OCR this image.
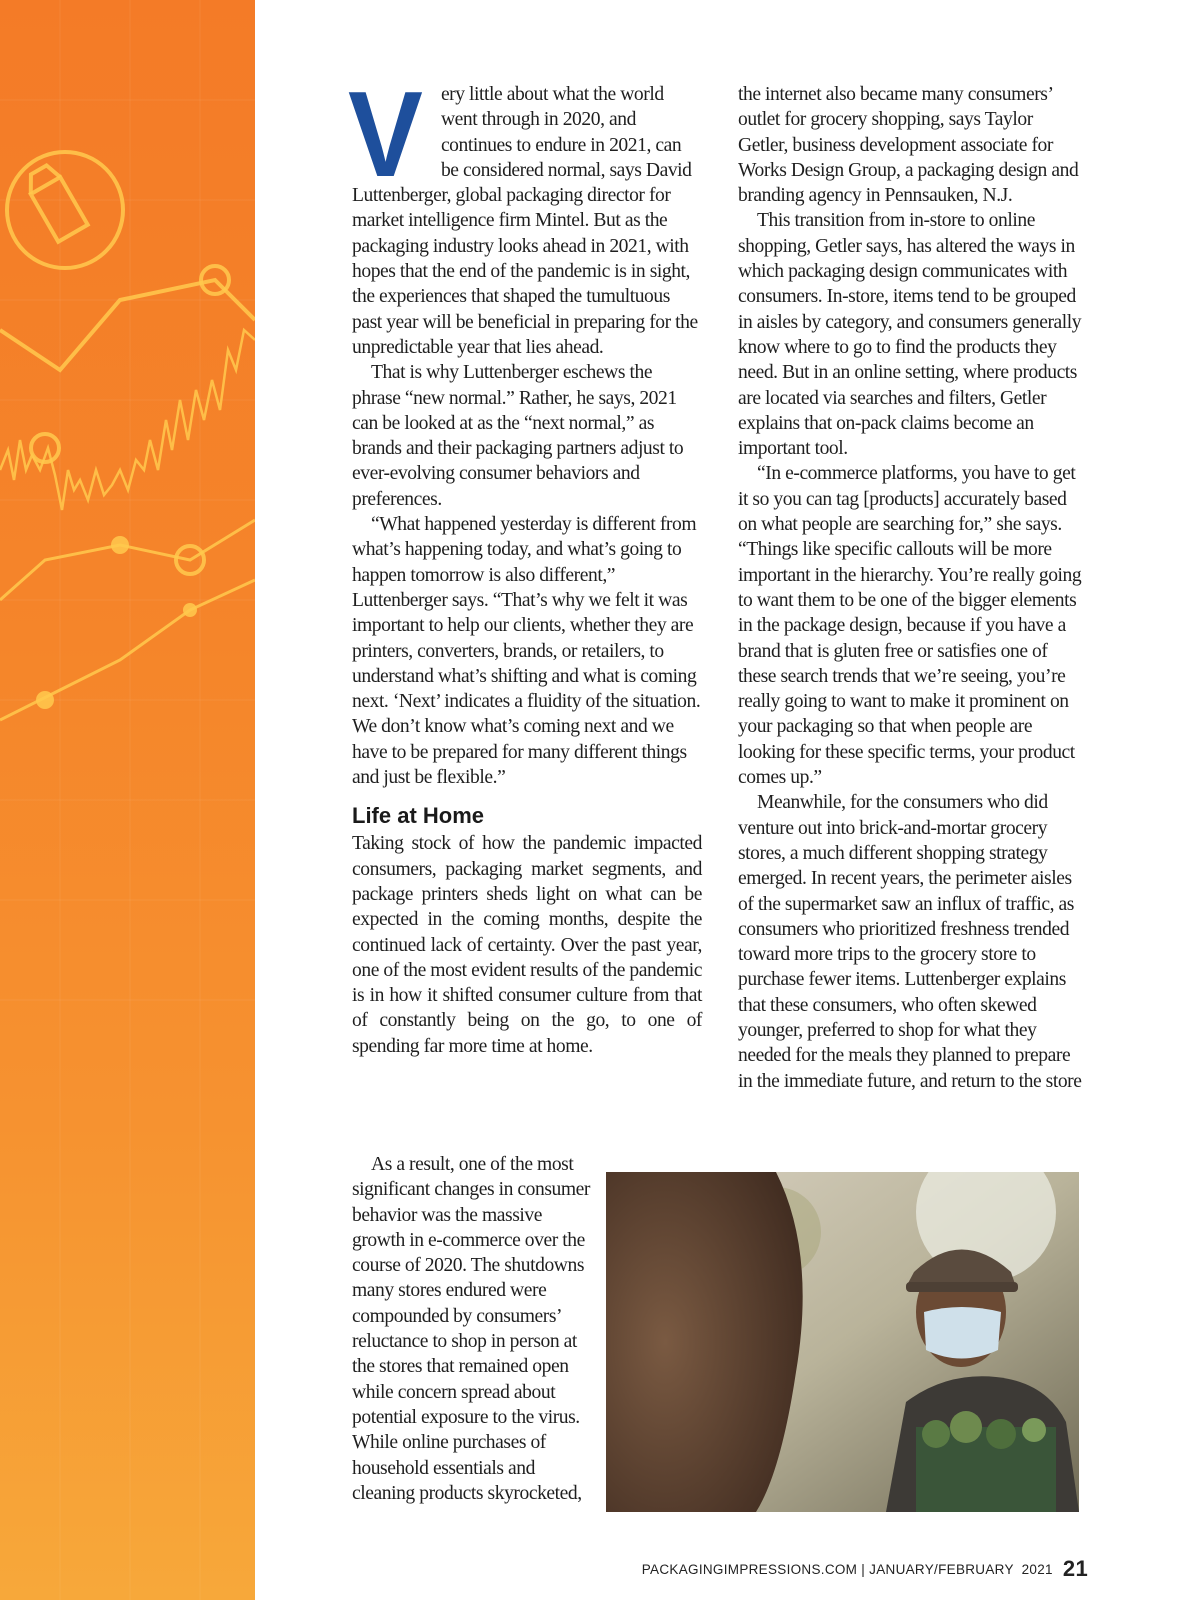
Very little about what the world went through in 2020, and continues to endure in 2021, can be considered normal, says David Luttenberger, global packaging director for market intelligence firm Mintel. But as the packaging industry looks ahead in 2021, with hopes that the end of the pandemic is in sight, the experiences that shaped the tumultuous past year will be beneficial in preparing for the unpredictable year that lies ahead.

That is why Luttenberger eschews the phrase “new normal.” Rather, he says, 2021 can be looked at as the “next normal,” as brands and their packaging partners adjust to ever-evolving consumer behaviors and preferences.

“What happened yesterday is different from what’s happening today, and what’s going to happen tomorrow is also different,” Luttenberger says. “That’s why we felt it was important to help our clients, whether they are printers, converters, brands, or retailers, to understand what’s shifting and what is coming next. ‘Next’ indicates a fluidity of the situation. We don’t know what’s coming next and we have to be prepared for many different things and just be flexible.”

Life at Home

Taking stock of how the pandemic impacted consumers, packaging market segments, and package printers sheds light on what can be expected in the coming months, despite the continued lack of certainty. Over the past year, one of the most evident results of the pandemic is in how it shifted consumer culture from that of constantly being on the go, to one of spending far more time at home.

As a result, one of the most significant changes in consumer behavior was the massive growth in e-commerce over the course of 2020. The shutdowns many stores endured were compounded by consumers’ reluctance to shop in person at the stores that remained open while concern spread about potential exposure to the virus. While online purchases of household essentials and cleaning products skyrocketed,

the internet also became many consumers’ outlet for grocery shopping, says Taylor Getler, business development associate for Works Design Group, a packaging design and branding agency in Pennsauken, N.J.

This transition from in-store to online shopping, Getler says, has altered the ways in which packaging design communicates with consumers. In-store, items tend to be grouped in aisles by category, and consumers generally know where to go to find the products they need. But in an online setting, where products are located via searches and filters, Getler explains that on-pack claims become an important tool.

“In e-commerce platforms, you have to get it so you can tag [products] accurately based on what people are searching for,” she says. “Things like specific callouts will be more important in the hierarchy. You’re really going to want them to be one of the bigger elements in the package design, because if you have a brand that is gluten free or satisfies one of these search trends that we’re seeing, you’re really going to want to make it prominent on your packaging so that when people are looking for these specific terms, your product comes up.”

Meanwhile, for the consumers who did venture out into brick-and-mortar grocery stores, a much different shopping strategy emerged. In recent years, the perimeter aisles of the supermarket saw an influx of traffic, as consumers who prioritized freshness trended toward more trips to the grocery store to purchase fewer items. Luttenberger explains that these consumers, who often skewed younger, preferred to shop for what they needed for the meals they planned to prepare in the immediate future, and return to the store

PACKAGINGIMPRESSIONS.COM | JANUARY/FEBRUARY  2021 21
